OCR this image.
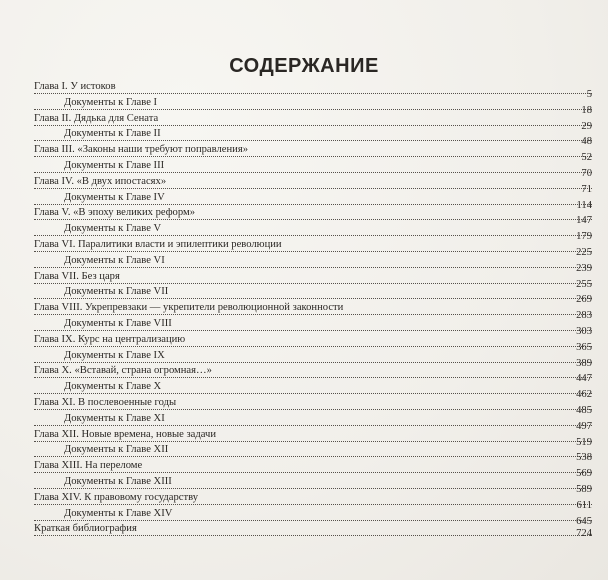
СОДЕРЖАНИЕ
Глава I. У истоков
5
Документы к Главе I
18
Глава II. Дядька для Сената
29
Документы к Главе II
48
Глава III. «Законы наши требуют поправления»
52
Документы к Главе III
70
Глава IV. «В двух ипостасях»
71
Документы к Главе IV
114
Глава V. «В эпоху великих реформ»
147
Документы к Главе V
179
Глава VI. Паралитики власти и эпилептики революции
225
Документы к Главе VI
239
Глава VII. Без царя
255
Документы к Главе VII
269
Глава VIII. Укрепревзаки — укрепители революционной законности
283
Документы к Главе VIII
303
Глава IX. Курс на централизацию
365
Документы к Главе IX
389
Глава X. «Вставай, страна огромная…»
447
Документы к Главе X
462
Глава XI. В послевоенные годы
485
Документы к Главе XI
497
Глава XII. Новые времена, новые задачи
519
Документы к Главе XII
538
Глава XIII. На переломе
569
Документы к Главе XIII
589
Глава XIV. К правовому государству
611
Документы к Главе XIV
645
Краткая библиография	724
